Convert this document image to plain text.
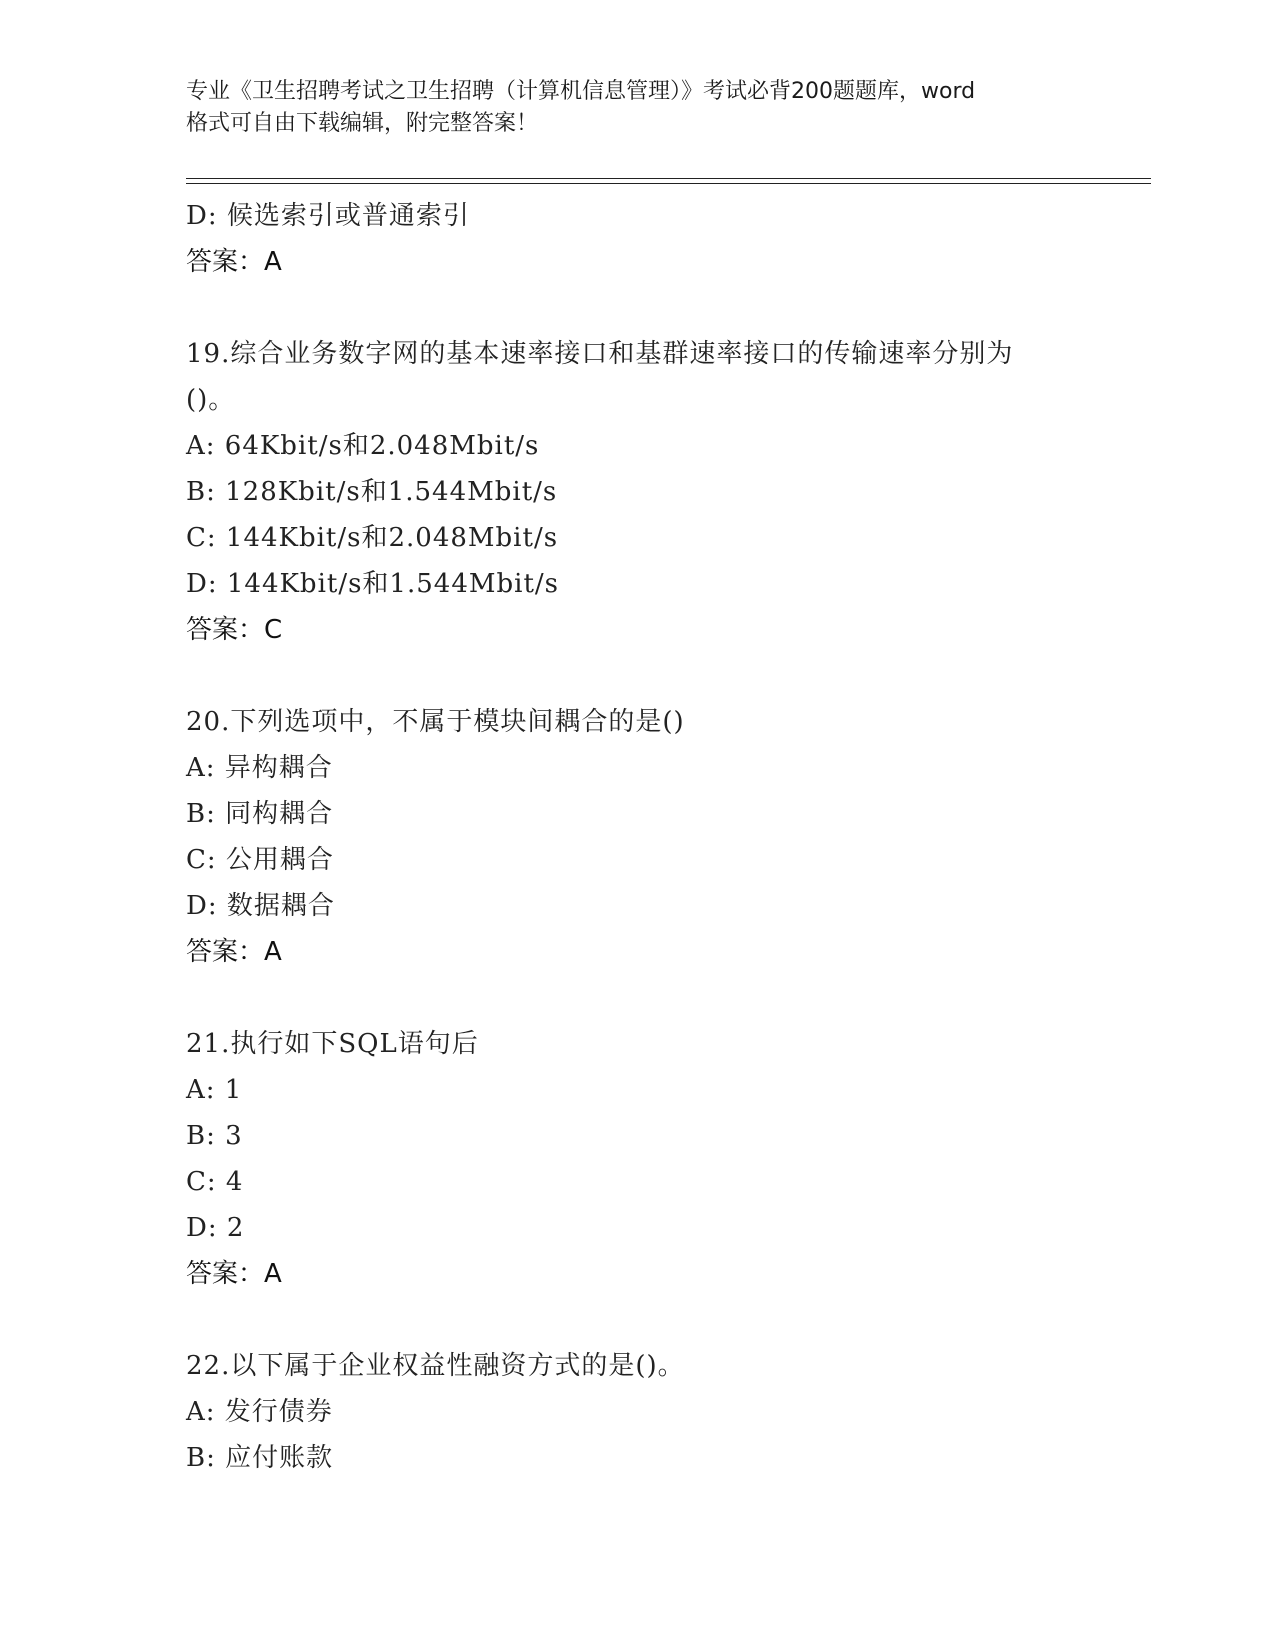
专业《卫生招聘考试之卫生招聘（计算机信息管理）》考试必背200题题库，word
格式可自由下载编辑，附完整答案！
D: 候选索引或普通索引
答案：A
19.综合业务数字网的基本速率接口和基群速率接口的传输速率分别为
()。
A: 64Kbit/s和2.048Mbit/s
B: 128Kbit/s和1.544Mbit/s
C: 144Kbit/s和2.048Mbit/s
D: 144Kbit/s和1.544Mbit/s
答案：C
20.下列选项中，不属于模块间耦合的是()
A: 异构耦合
B: 同构耦合
C: 公用耦合
D: 数据耦合
答案：A
21.执行如下SQL语句后
A: 1
B: 3
C: 4
D: 2
答案：A
22.以下属于企业权益性融资方式的是()。
A: 发行债券
B: 应付账款
